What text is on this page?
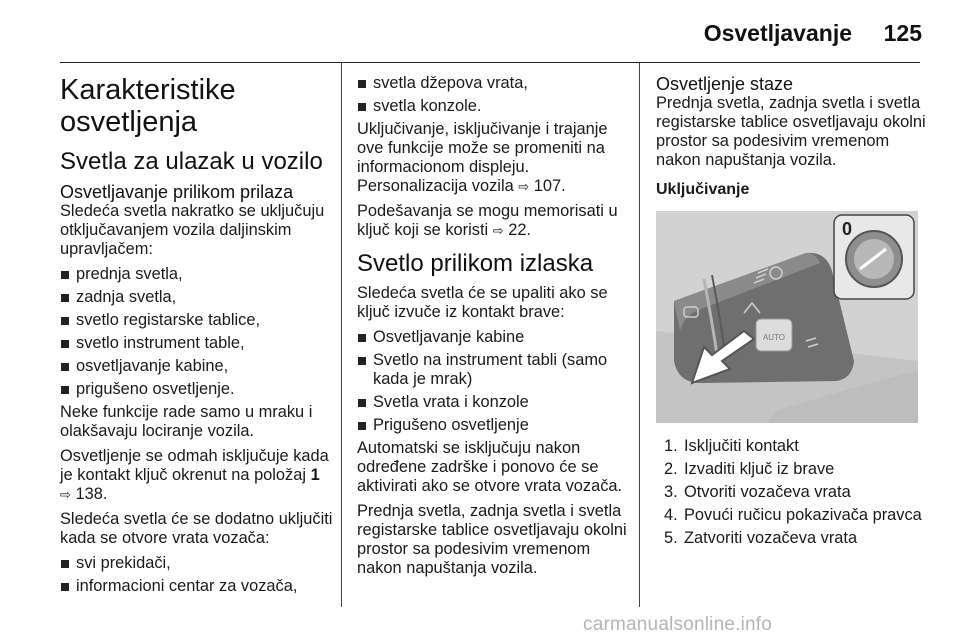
Osvetljavanje 125
Karakteristike osvetljenja
Svetla za ulazak u vozilo
Osvetljavanje prilikom prilaza

Sledeća svetla nakratko se uključuju otključavanjem vozila daljinskim upravljačem:

prednja svetla,
zadnja svetla,
svetlo registarske tablice,
svetlo instrument table,
osvetljavanje kabine,
prigušeno osvetljenje.

Neke funkcije rade samo u mraku i olakšavaju lociranje vozila.

Osvetljenje se odmah isključuje kada je kontakt ključ okrenut na položaj 1
⇨ 138.

Sledeća svetla će se dodatno uključiti kada se otvore vrata vozača:

svi prekidači,
informacioni centar za vozača,
svetla džepova vrata,
svetla konzole.

Uključivanje, isključivanje i trajanje ove funkcije može se promeniti na informacionom displeju.
Personalizacija vozila ⇨ 107.

Podešavanja se mogu memorisati u ključ koji se koristi ⇨ 22.

Svetlo prilikom izlaska

Sledeća svetla će se upaliti ako se ključ izvuče iz kontakt brave:

Osvetljavanje kabine
Svetlo na instrument tabli (samo kada je mrak)
Svetla vrata i konzole
Prigušeno osvetljenje

Automatski se isključuju nakon određene zadrške i ponovo će se aktivirati ako se otvore vrata vozača.

Prednja svetla, zadnja svetla i svetla registarske tablice osvetljavaju okolni prostor sa podesivim vremenom nakon napuštanja vozila.

Osvetljenje staze

Prednja svetla, zadnja svetla i svetla registarske tablice osvetljavaju okolni prostor sa podesivim vremenom nakon napuštanja vozila.

Uključivanje
AUTO
0
1. Isključiti kontakt
2. Izvaditi ključ iz brave
3. Otvoriti vozačeva vrata
4. Povući ručicu pokazivača pravca
5. Zatvoriti vozačeva vrata
carmanualsonline.info
